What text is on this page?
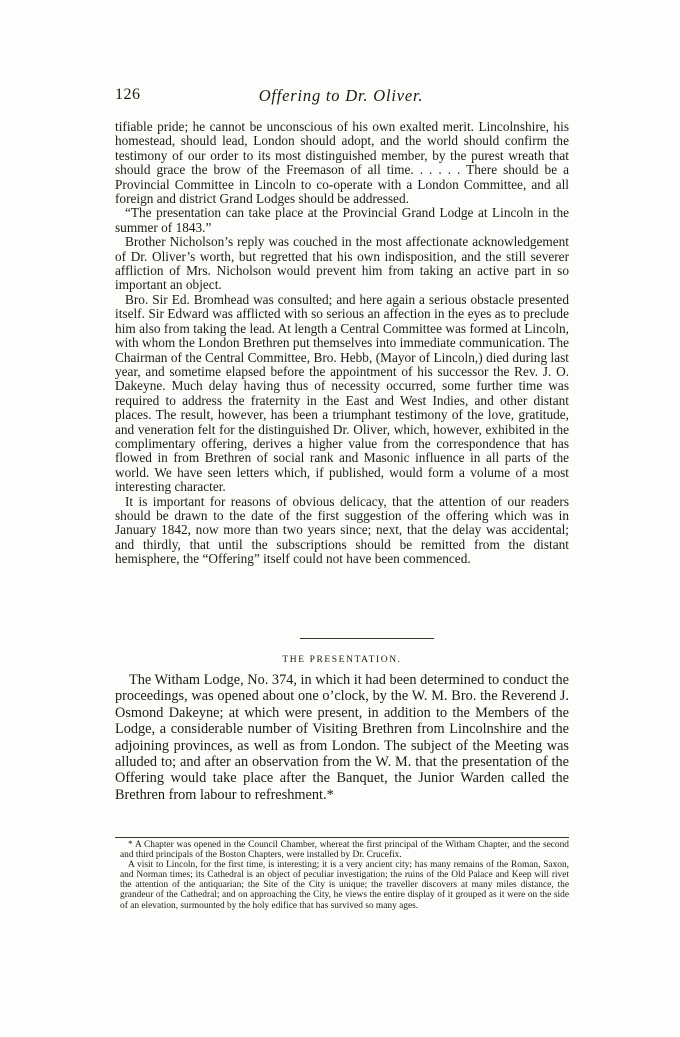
126	Offering to Dr. Oliver.

tifiable pride; he cannot be unconscious of his own exalted merit. Lincolnshire, his homestead, should lead, London should adopt, and the world should confirm the testimony of our order to its most distinguished member, by the purest wreath that should grace the brow of the Freemason of all time. . . . . . There should be a Provincial Committee in Lincoln to co-operate with a London Committee, and all foreign and district Grand Lodges should be addressed.

“The presentation can take place at the Provincial Grand Lodge at Lincoln in the summer of 1843.”

Brother Nicholson’s reply was couched in the most affectionate acknowledgement of Dr. Oliver’s worth, but regretted that his own indisposition, and the still severer affliction of Mrs. Nicholson would prevent him from taking an active part in so important an object.

Bro. Sir Ed. Bromhead was consulted; and here again a serious obstacle presented itself. Sir Edward was afflicted with so serious an affection in the eyes as to preclude him also from taking the lead. At length a Central Committee was formed at Lincoln, with whom the London Brethren put themselves into immediate communication. The Chairman of the Central Committee, Bro. Hebb, (Mayor of Lincoln,) died during last year, and sometime elapsed before the appointment of his successor the Rev. J. O. Dakeyne. Much delay having thus of necessity occurred, some further time was required to address the fraternity in the East and West Indies, and other distant places. The result, however, has been a triumphant testimony of the love, gratitude, and veneration felt for the distinguished Dr. Oliver, which, however, exhibited in the complimentary offering, derives a higher value from the correspondence that has flowed in from Brethren of social rank and Masonic influence in all parts of the world. We have seen letters which, if published, would form a volume of a most interesting character.

It is important for reasons of obvious delicacy, that the attention of our readers should be drawn to the date of the first suggestion of the offering which was in January 1842, now more than two years since; next, that the delay was accidental; and thirdly, that until the subscriptions should be remitted from the distant hemisphere, the “Offering” itself could not have been commenced.

THE PRESENTATION.

The Witham Lodge, No. 374, in which it had been determined to conduct the proceedings, was opened about one o’clock, by the W. M. Bro. the Reverend J. Osmond Dakeyne; at which were present, in addition to the Members of the Lodge, a considerable number of Visiting Brethren from Lincolnshire and the adjoining provinces, as well as from London. The subject of the Meeting was alluded to; and after an observation from the W. M. that the presentation of the Offering would take place after the Banquet, the Junior Warden called the Brethren from labour to refreshment.*

* A Chapter was opened in the Council Chamber, whereat the first principal of the Witham Chapter, and the second and third principals of the Boston Chapters, were installed by Dr. Crucefix.

A visit to Lincoln, for the first time, is interesting; it is a very ancient city; has many remains of the Roman, Saxon, and Norman times; its Cathedral is an object of peculiar investigation; the ruins of the Old Palace and Keep will rivet the attention of the antiquarian; the Site of the City is unique; the traveller discovers at many miles distance, the grandeur of the Cathedral; and on approaching the City, he views the entire display of it grouped as it were on the side of an elevation, surmounted by the holy edifice that has survived so many ages.
